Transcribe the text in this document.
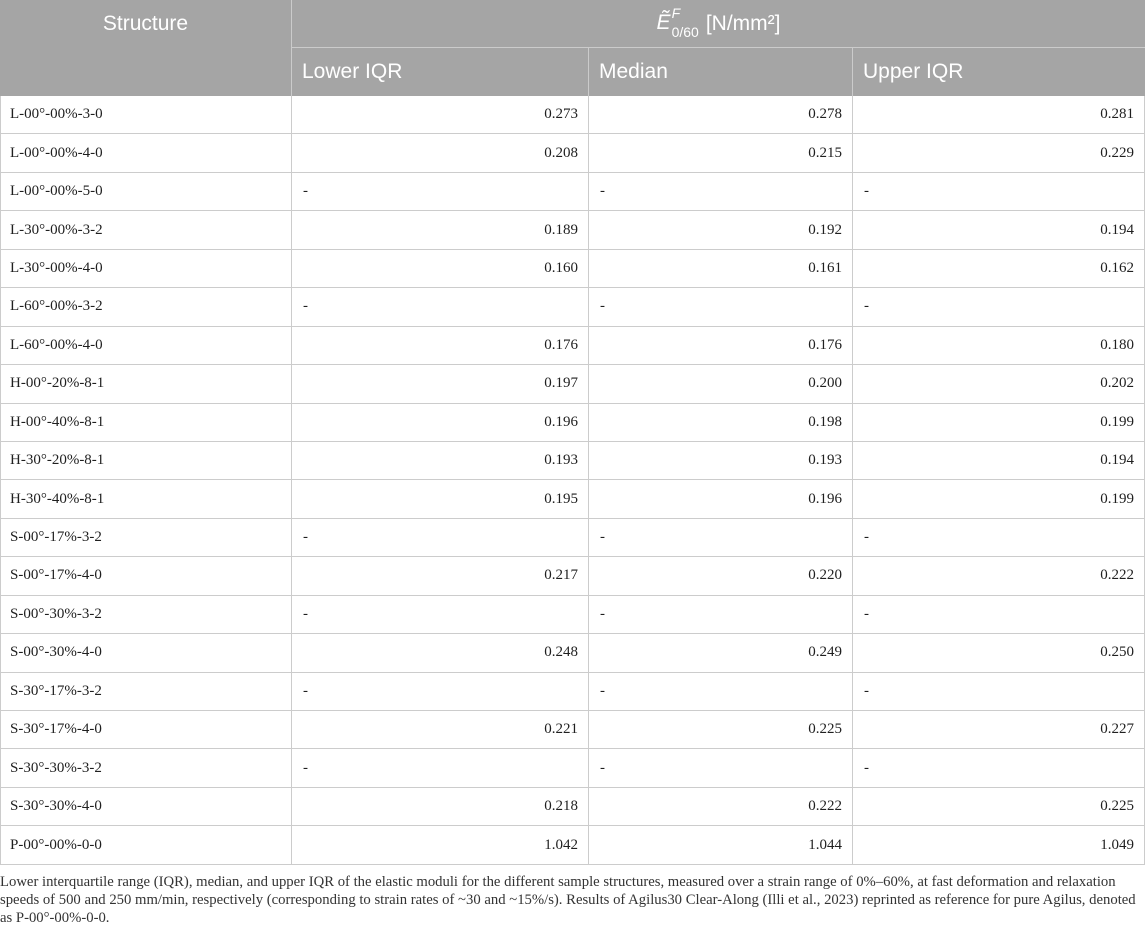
Structure	Ẽ F
0/60 [N/mm²]		
	Lower IQR	Median	Upper IQR
L-00°-00%-3-0	0.273	0.278	0.281
L-00°-00%-4-0	0.208	0.215	0.229
L-00°-00%-5-0	-	-	-
L-30°-00%-3-2	0.189	0.192	0.194
L-30°-00%-4-0	0.160	0.161	0.162
L-60°-00%-3-2	-	-	-
L-60°-00%-4-0	0.176	0.176	0.180
H-00°-20%-8-1	0.197	0.200	0.202
H-00°-40%-8-1	0.196	0.198	0.199
H-30°-20%-8-1	0.193	0.193	0.194
H-30°-40%-8-1	0.195	0.196	0.199
S-00°-17%-3-2	-	-	-
S-00°-17%-4-0	0.217	0.220	0.222
S-00°-30%-3-2	-	-	-
S-00°-30%-4-0	0.248	0.249	0.250
S-30°-17%-3-2	-	-	-
S-30°-17%-4-0	0.221	0.225	0.227
S-30°-30%-3-2	-	-	-
S-30°-30%-4-0	0.218	0.222	0.225
P-00°-00%-0-0	1.042	1.044	1.049

Lower interquartile range (IQR), median, and upper IQR of the elastic moduli for the different sample structures, measured over a strain range of 0%–60%, at fast deformation and relaxation speeds of 500 and 250 mm/min, respectively (corresponding to strain rates of ~30 and ~15%/s). Results of Agilus30 Clear-Along (Illi et al., 2023) reprinted as reference for pure Agilus, denoted as P-00°-00%-0-0.
